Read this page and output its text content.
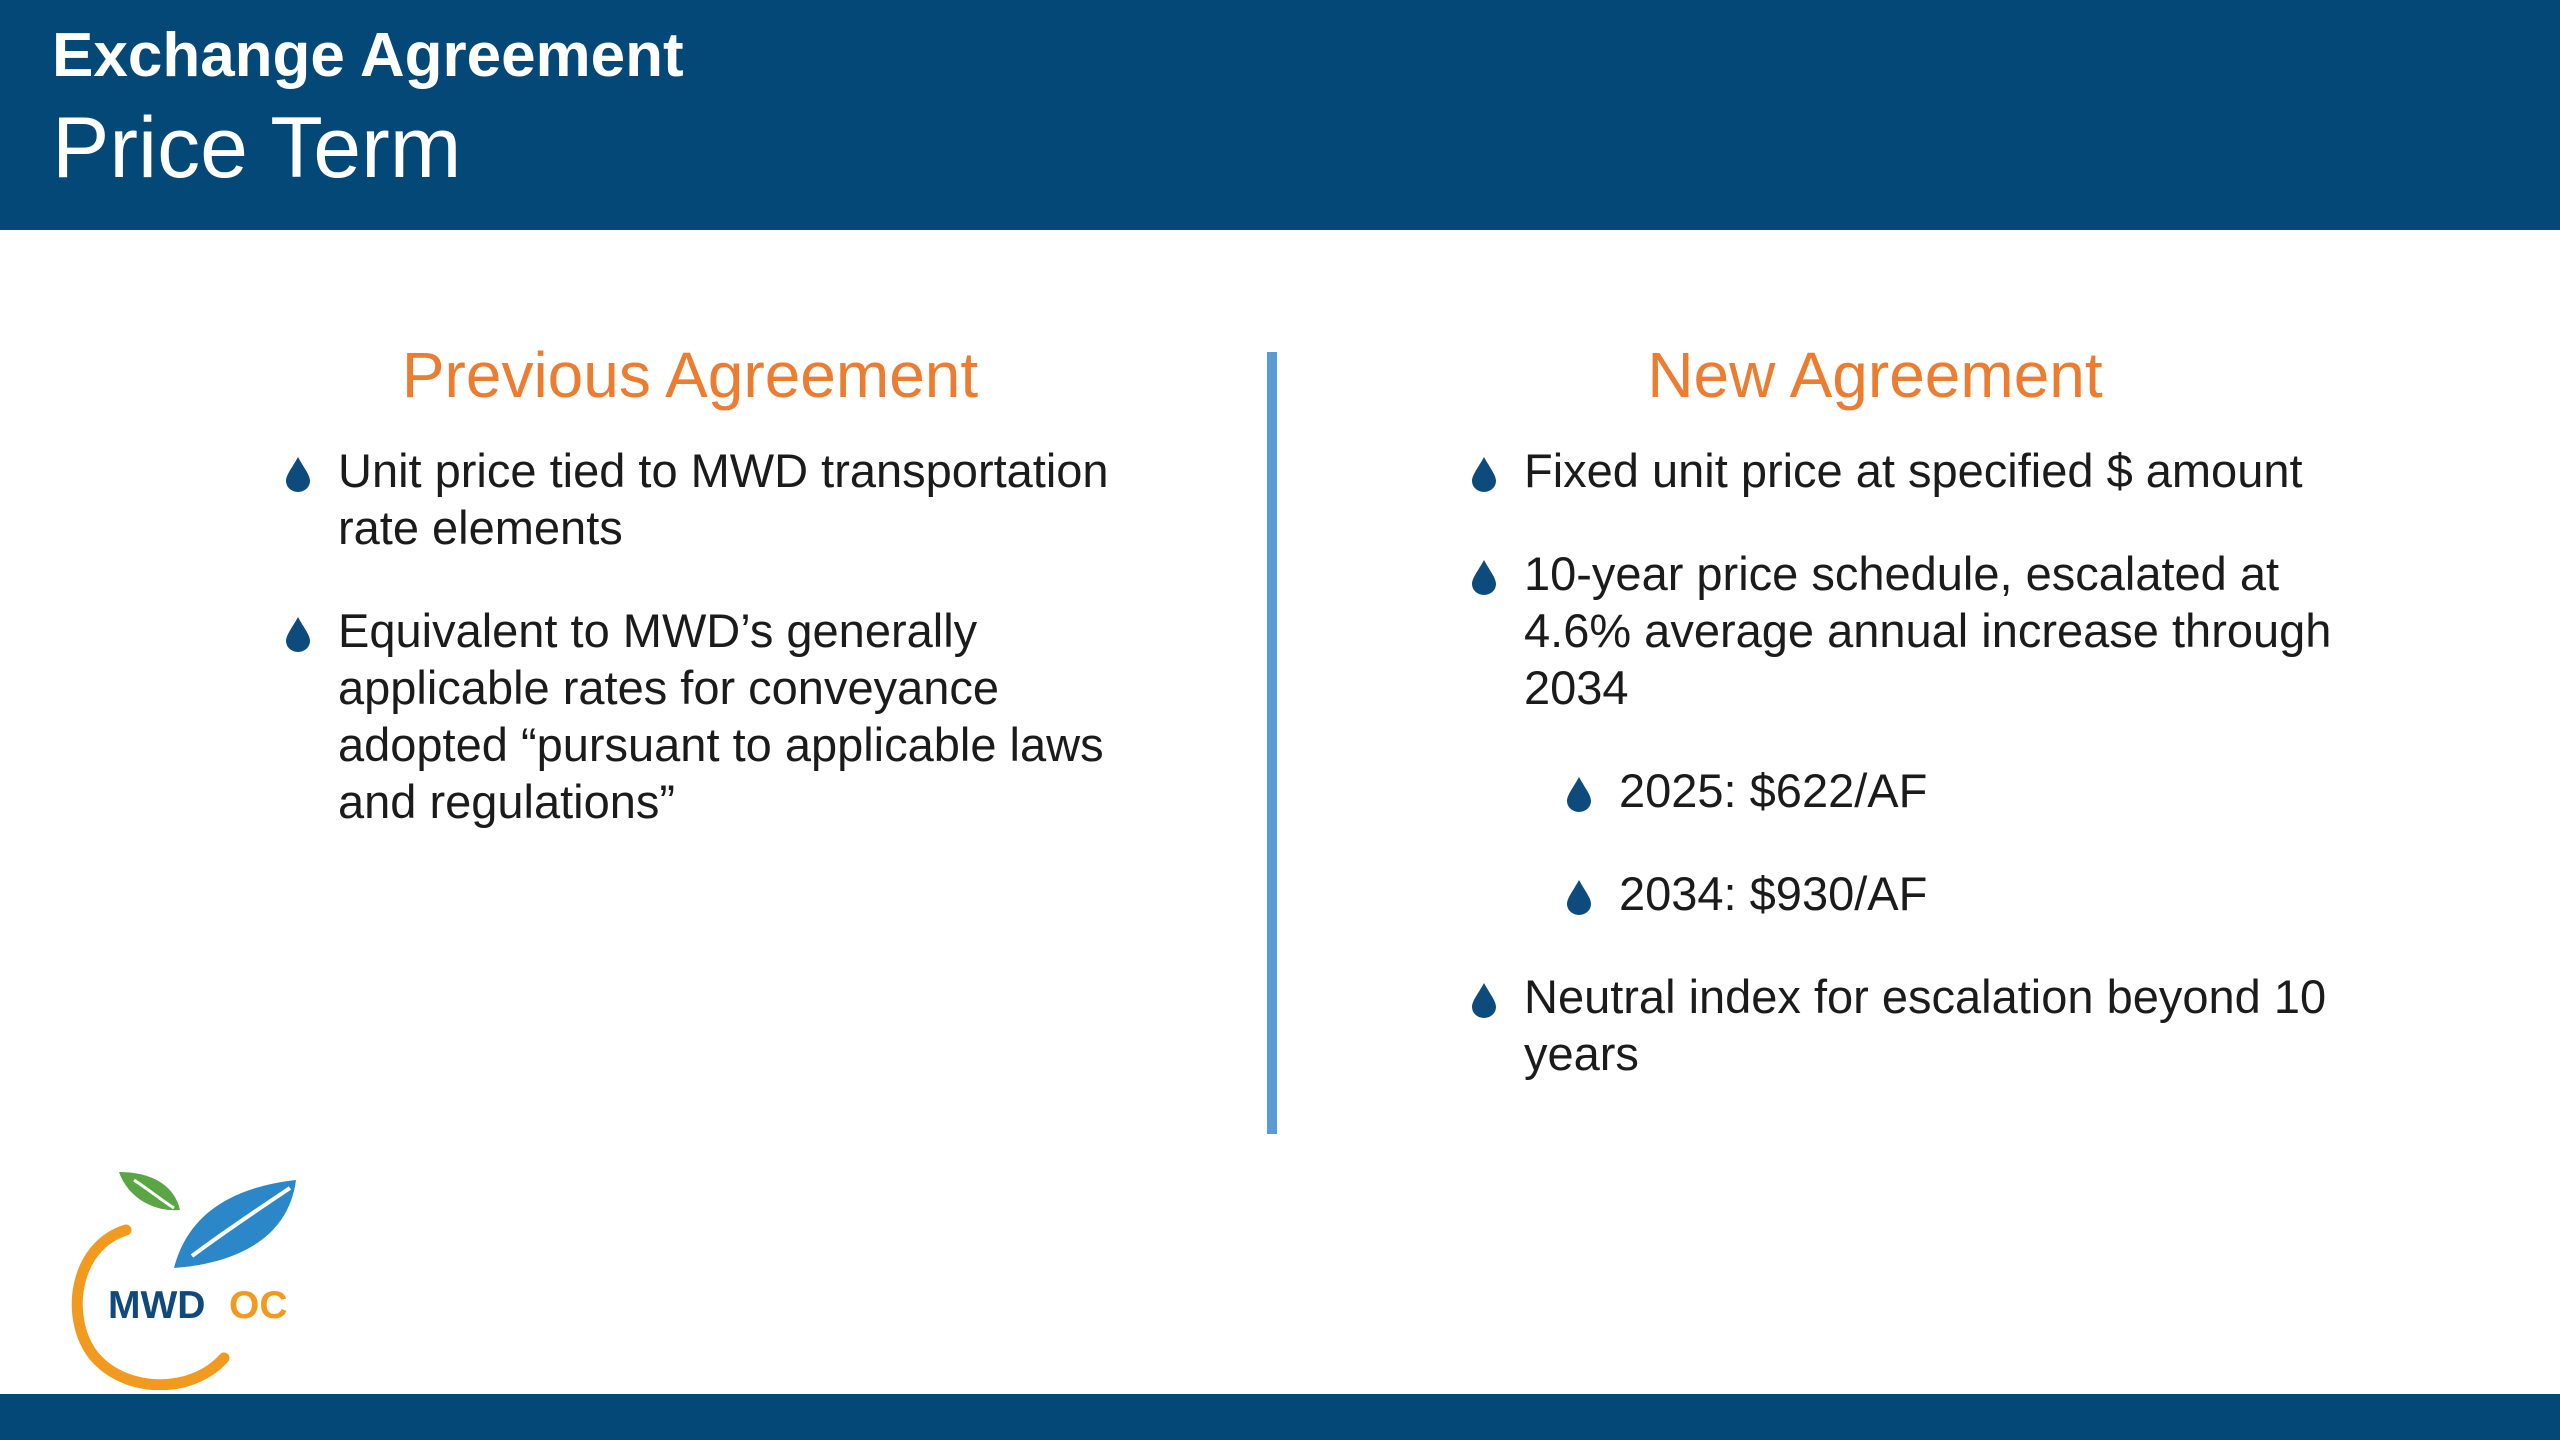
Exchange Agreement
Price Term
Previous Agreement
Unit price tied to MWD transportation rate elements
Equivalent to MWD’s generally applicable rates for conveyance adopted “pursuant to applicable laws and regulations”
New Agreement
Fixed unit price at specified $ amount
10-year price schedule, escalated at 4.6% average annual increase through 2034
2025: $622/AF
2034: $930/AF
Neutral index for escalation beyond 10 years
MWD OC
